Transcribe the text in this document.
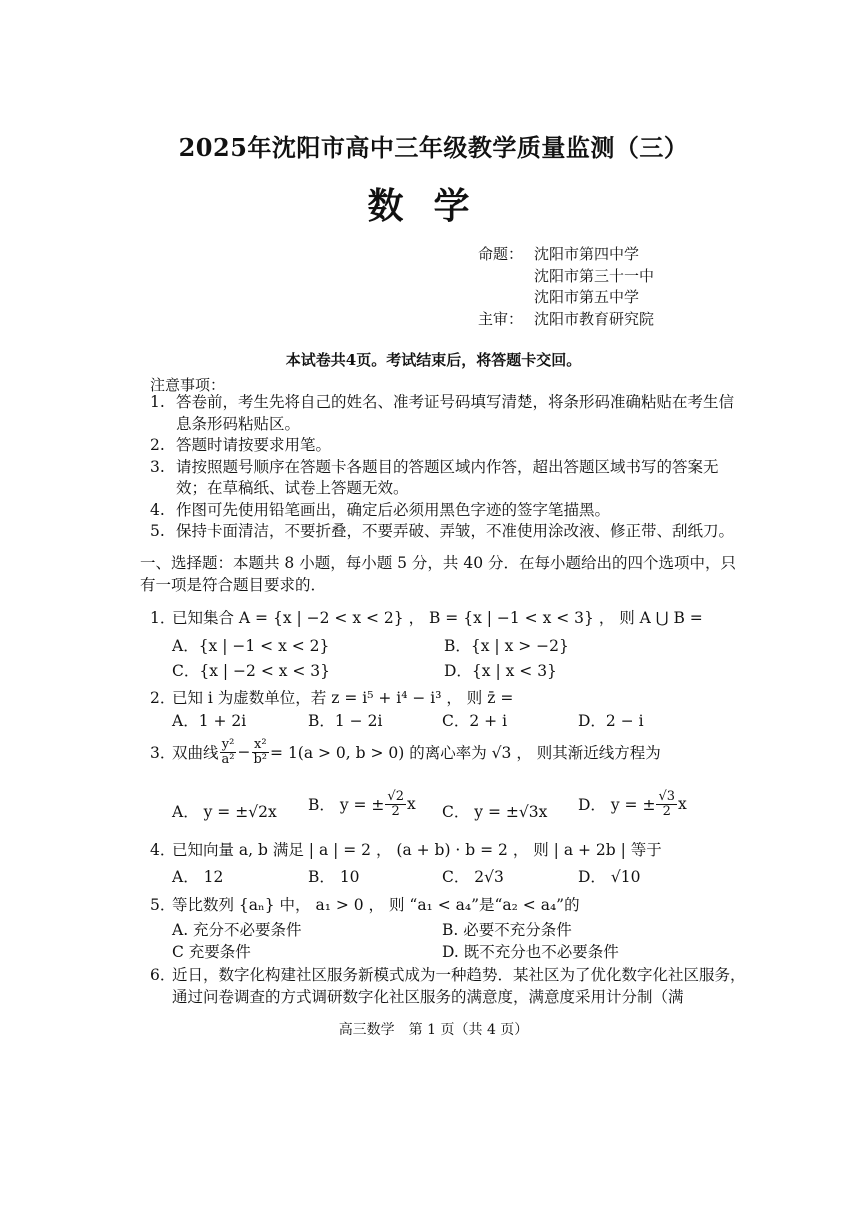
2025年沈阳市高中三年级教学质量监测（三）
数学
命题： 沈阳市第四中学
沈阳市第三十一中
沈阳市第五中学
主审： 沈阳市教育研究院
本试卷共4页。考试结束后，将答题卡交回。
注意事项：
1. 答卷前，考生先将自己的姓名、准考证号码填写清楚，将条形码准确粘贴在考生信息条形码粘贴区。
2. 答题时请按要求用笔。
3. 请按照题号顺序在答题卡各题目的答题区域内作答，超出答题区域书写的答案无效；在草稿纸、试卷上答题无效。
4. 作图可先使用铅笔画出，确定后必须用黑色字迹的签字笔描黑。
5. 保持卡面清洁，不要折叠，不要弄破、弄皱，不准使用涂改液、修正带、刮纸刀。
一、选择题：本题共 8 小题，每小题 5 分，共 40 分．在每小题给出的四个选项中，只有一项是符合题目要求的．
1．
已知集合 A = {x | −2 < x < 2} ， B = {x | −1 < x < 3} ， 则 A ⋃ B =
A．{x | −1 < x < 2}	B．{x | x > −2}
C．{x | −2 < x < 3}	D．{x | x < 3}
2．
已知 i 为虚数单位，若 z = i⁵ + i⁴ − i³ ， 则 z̄ =
A．1 + 2i	B．1 − 2i	C．2 + i	D．2 − i
3．
双曲线 $\frac{\text{y²}}{\text{a²}} - \frac{\text{x²}}{\text{b²}} = 1(a > 0$, b > 0) 的离心率为 √3 ， 则其渐近线方程为
A． y = ±√2x B． y = ± $\frac{√2}{2}$ x C． y = ±√3x D． y = ± $\frac{√3}{2}$ x
4．
已知向量 a, b 满足 | a | = 2 ， (a + b) · b = 2 ， 则 | a + 2b | 等于
A． 12	B． 10	C． 2√3	D． √10
5．
等比数列 {aₙ} 中， a₁ > 0 ， 则 “a₁ < a₄”是“a₂ < a₄”的
A. 充分不必要条件	B. 必要不充分条件
C 充要条件	D. 既不充分也不必要条件
6．
近日，数字化构建社区服务新模式成为一种趋势．某社区为了优化数字化社区服务，通过问卷调查的方式调研数字化社区服务的满意度，满意度采用计分制（满
高三数学　第 1 页（共 4 页）
